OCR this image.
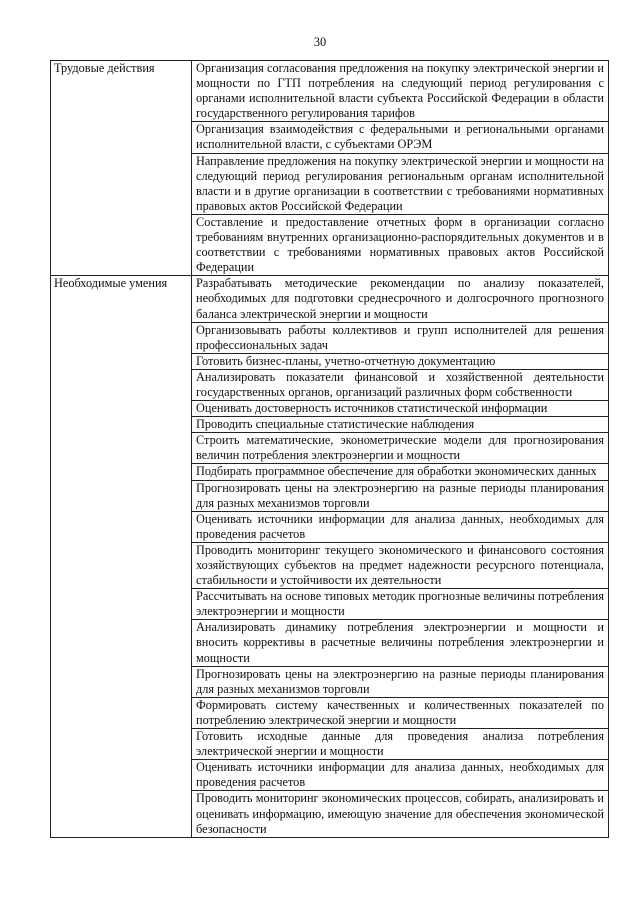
30
Трудовые действия	Организация согласования предложения на покупку электрической энергии и мощности по ГТП потребления на следующий период регулирования с органами исполнительной власти субъекта Российской Федерации в области государственного регулирования тарифов
	Организация взаимодействия с федеральными и региональными органами исполнительной власти, с субъектами ОРЭМ
	Направление предложения на покупку электрической энергии и мощности на следующий период регулирования региональным органам исполнительной власти и в другие организации в соответствии с требованиями нормативных правовых актов Российской Федерации
	Составление и предоставление отчетных форм в организации согласно требованиям внутренних организационно-распорядительных документов и в соответствии с требованиями нормативных правовых актов Российской Федерации
Необходимые умения	Разрабатывать методические рекомендации по анализу показателей, необходимых для подготовки среднесрочного и долгосрочного прогнозного баланса электрической энергии и мощности
	Организовывать работы коллективов и групп исполнителей для решения профессиональных задач
	Готовить бизнес-планы, учетно-отчетную документацию
	Анализировать показатели финансовой и хозяйственной деятельности государственных органов, организаций различных форм собственности
	Оценивать достоверность источников статистической информации
	Проводить специальные статистические наблюдения
	Строить математические, эконометрические модели для прогнозирования величин потребления электроэнергии и мощности
	Подбирать программное обеспечение для обработки экономических данных
	Прогнозировать цены на электроэнергию на разные периоды планирования для разных механизмов торговли
	Оценивать источники информации для анализа данных, необходимых для проведения расчетов
	Проводить мониторинг текущего экономического и финансового состояния хозяйствующих субъектов на предмет надежности ресурсного потенциала, стабильности и устойчивости их деятельности
	Рассчитывать на основе типовых методик прогнозные величины потребления электроэнергии и мощности
	Анализировать динамику потребления электроэнергии и мощности и вносить коррективы в расчетные величины потребления электроэнергии и мощности
	Прогнозировать цены на электроэнергию на разные периоды планирования для разных механизмов торговли
	Формировать систему качественных и количественных показателей по потреблению электрической энергии и мощности
	Готовить исходные данные для проведения анализа потребления электрической энергии и мощности
	Оценивать источники информации для анализа данных, необходимых для проведения расчетов
	Проводить мониторинг экономических процессов, собирать, анализировать и оценивать информацию, имеющую значение для обеспечения экономической безопасности
